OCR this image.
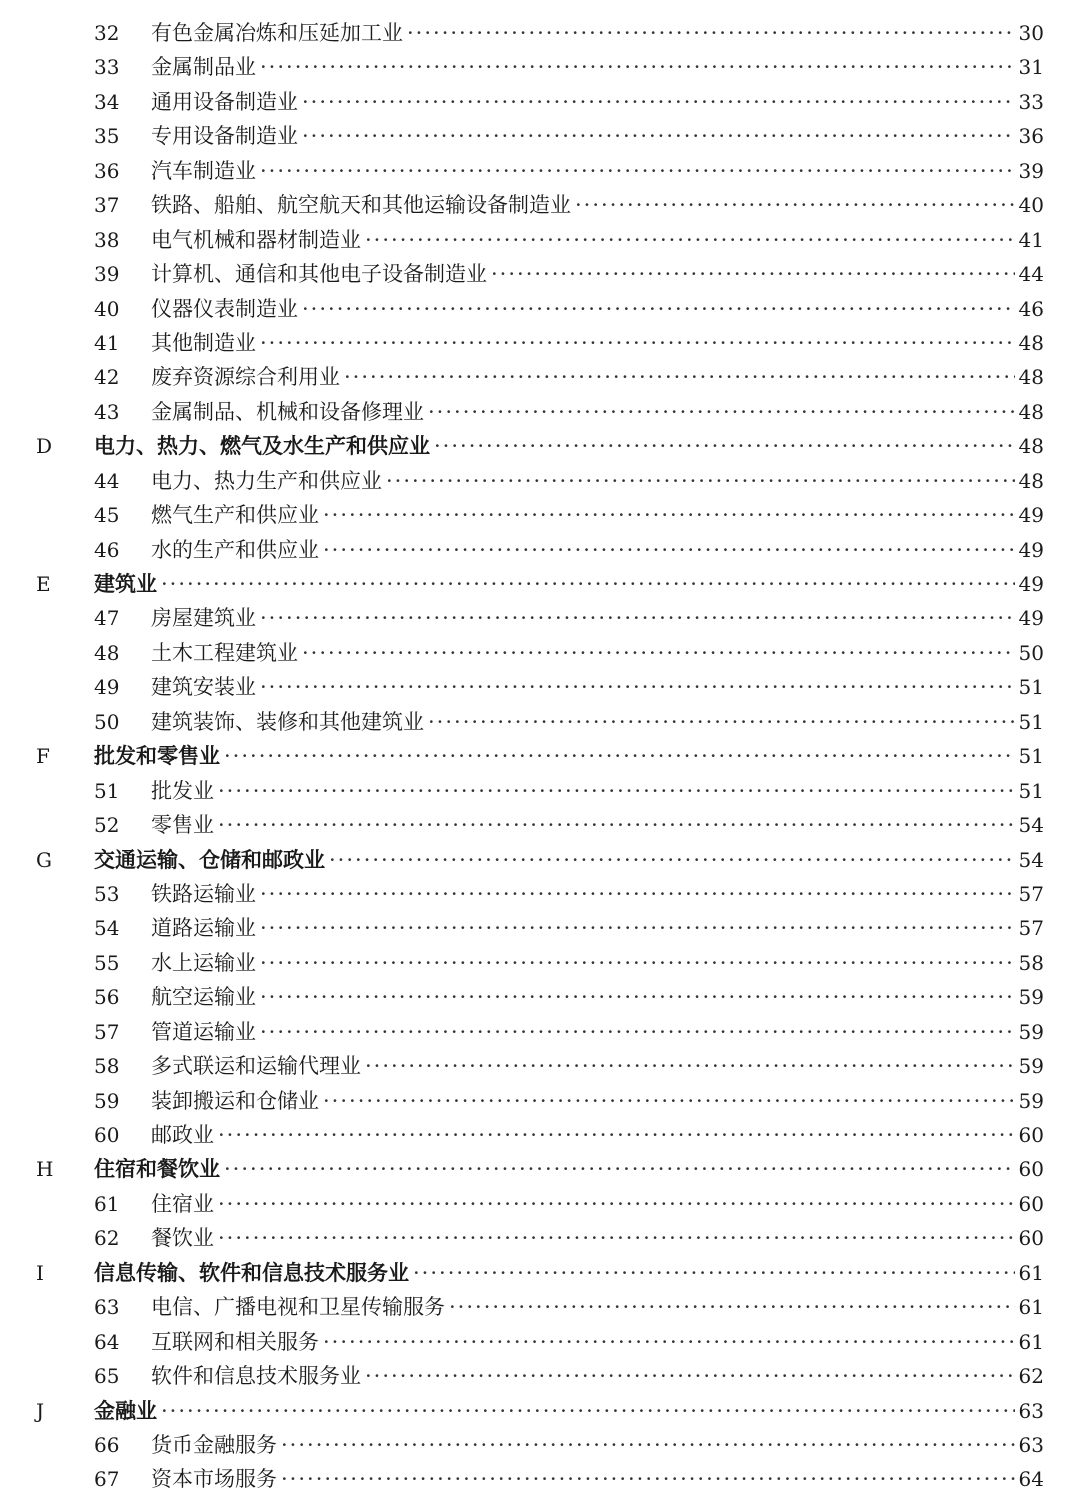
32	有色金属冶炼和压延加工业 ·····	30
33	金属制品业 ·····	31
34	通用设备制造业 ·····	33
35	专用设备制造业 ·····	36
36	汽车制造业 ·····	39
37	铁路、船舶、航空航天和其他运输设备制造业 ·····	40
38	电气机械和器材制造业 ·····	41
39	计算机、通信和其他电子设备制造业 ·····	44
40	仪器仪表制造业 ·····	46
41	其他制造业 ·····	48
42	废弃资源综合利用业 ·····	48
43	金属制品、机械和设备修理业 ·····	48
D	电力、热力、燃气及水生产和供应业 ·····	48
44	电力、热力生产和供应业 ·····	48
45	燃气生产和供应业 ·····	49
46	水的生产和供应业 ·····	49
E	建筑业 ·····	49
47	房屋建筑业 ·····	49
48	土木工程建筑业 ·····	50
49	建筑安装业 ·····	51
50	建筑装饰、装修和其他建筑业 ·····	51
F	批发和零售业 ·····	51
51	批发业 ·····	51
52	零售业 ·····	54
G	交通运输、仓储和邮政业 ·····	54
53	铁路运输业 ·····	57
54	道路运输业 ·····	57
55	水上运输业 ·····	58
56	航空运输业 ·····	59
57	管道运输业 ·····	59
58	多式联运和运输代理业 ·····	59
59	装卸搬运和仓储业 ·····	59
60	邮政业 ·····	60
H	住宿和餐饮业 ·····	60
61	住宿业 ·····	60
62	餐饮业 ·····	60
I	信息传输、软件和信息技术服务业 ·····	61
63	电信、广播电视和卫星传输服务 ·····	61
64	互联网和相关服务 ·····	61
65	软件和信息技术服务业 ·····	62
J	金融业 ·····	63
66	货币金融服务 ·····	63
67	资本市场服务 ·····	64
